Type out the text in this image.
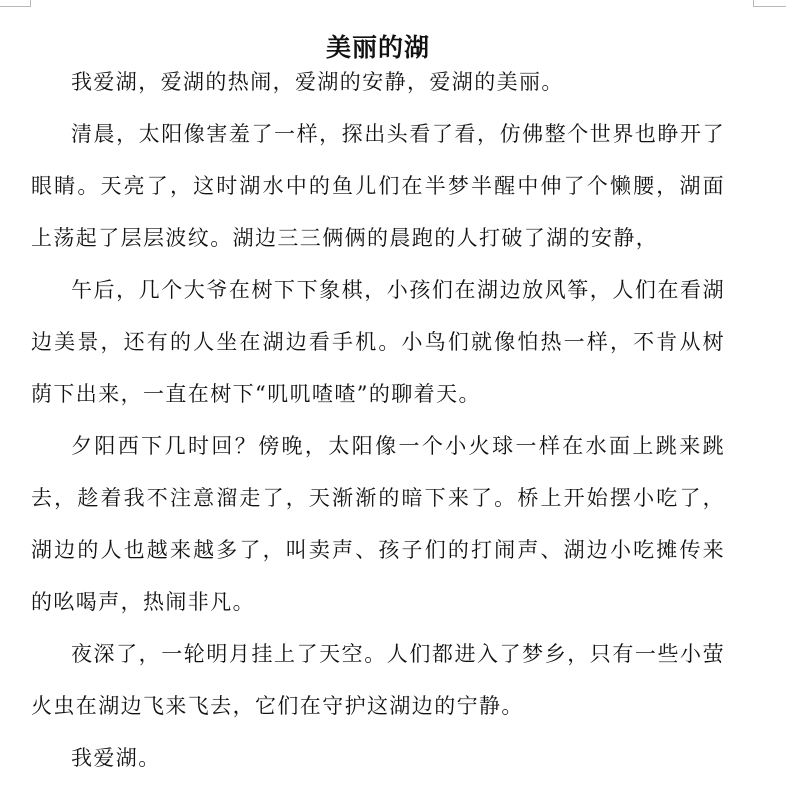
美丽的湖

我爱湖，爱湖的热闹，爱湖的安静，爱湖的美丽。

清晨，太阳像害羞了一样，探出头看了看，仿佛整个世界也睁开了眼睛。天亮了，这时湖水中的鱼儿们在半梦半醒中伸了个懒腰，湖面上荡起了层层波纹。湖边三三俩俩的晨跑的人打破了湖的安静，

午后，几个大爷在树下下象棋，小孩们在湖边放风筝，人们在看湖边美景，还有的人坐在湖边看手机。小鸟们就像怕热一样，不肯从树荫下出来，一直在树下“叽叽喳喳”的聊着天。

夕阳西下几时回？傍晚，太阳像一个小火球一样在水面上跳来跳去，趁着我不注意溜走了，天渐渐的暗下来了。桥上开始摆小吃了，湖边的人也越来越多了，叫卖声、孩子们的打闹声、湖边小吃摊传来的吆喝声，热闹非凡。

夜深了，一轮明月挂上了天空。人们都进入了梦乡，只有一些小萤火虫在湖边飞来飞去，它们在守护这湖边的宁静。

我爱湖。
